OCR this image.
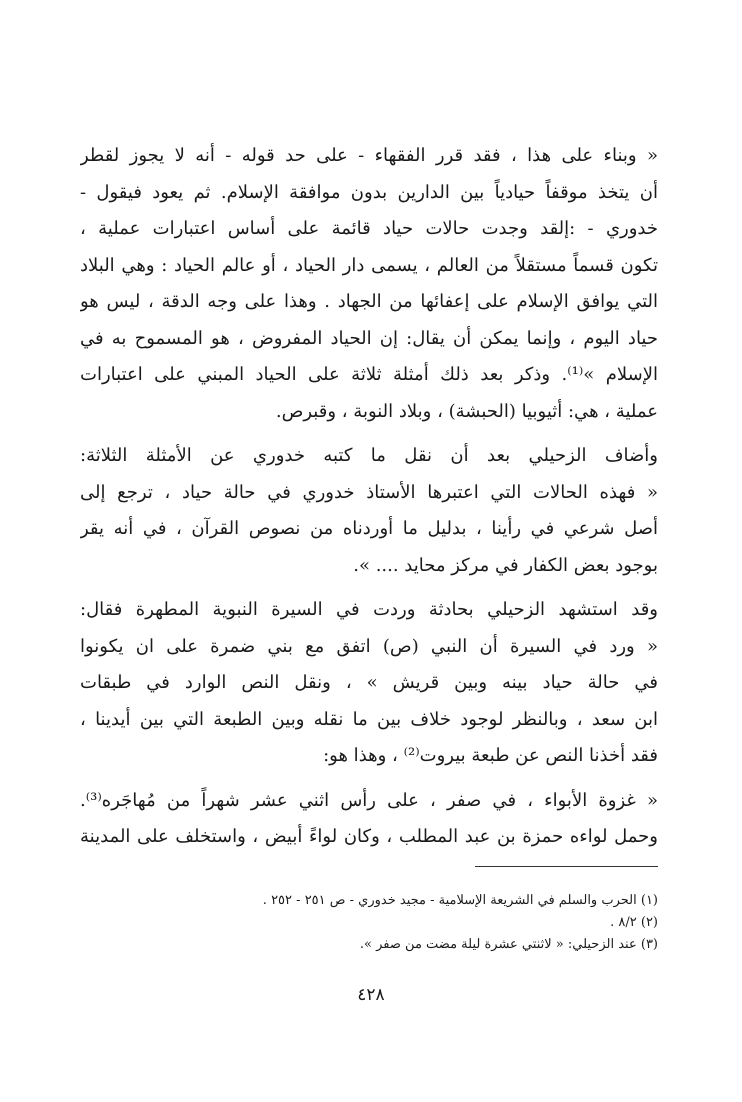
« وبناء على هذا ، فقد قرر الفقهاء - على حد قوله - أنه لا يجوز لقطر
أن يتخذ موقفاً حيادياً بين الدارين بدون موافقة الإسلام. ثم يعود فيقول -
خدوري - :إلقد وجدت حالات حياد قائمة على أساس اعتبارات عملية ،
تكون قسماً مستقلاً من العالم ، يسمى دار الحياد ، أو عالم الحياد : وهي البلاد
التي يوافق الإسلام على إعفائها من الجهاد . وهذا على وجه الدقة ، ليس هو
حياد اليوم ، وإنما يمكن أن يقال: إن الحياد المفروض ، هو المسموح به في
الإسلام »⁽¹⁾. وذكر بعد ذلك أمثلة ثلاثة على الحياد المبني على اعتبارات
عملية ، هي: أثيوبيا (الحبشة) ، وبلاد النوبة ، وقبرص.
وأضاف الزحيلي بعد أن نقل ما كتبه خدوري عن الأمثلة الثلاثة:
« فهذه الحالات التي اعتبرها الأستاذ خدوري في حالة حياد ، ترجع إلى
أصل شرعي في رأينا ، بدليل ما أوردناه من نصوص القرآن ، في أنه يقر
بوجود بعض الكفار في مركز محايد .... ».
وقد استشهد الزحيلي بحادثة وردت في السيرة النبوية المطهرة فقال:
« ورد في السيرة أن النبي (ص) اتفق مع بني ضمرة على ان يكونوا
في حالة حياد بينه وبين قريش » ، ونقل النص الوارد في طبقات
ابن سعد ، وبالنظر لوجود خلاف بين ما نقله وبين الطبعة التي بين أيدينا ،
فقد أخذنا النص عن طبعة بيروت⁽²⁾ ، وهذا هو:
« غزوة الأبواء ، في صفر ، على رأس اثني عشر شهراً من مُهاجَره⁽³⁾.
وحمل لواءه حمزة بن عبد المطلب ، وكان لواءً أبيض ، واستخلف على المدينة
(١) الحرب والسلم في الشريعة الإسلامية - مجيد خدوري - ص ٢٥١ - ٢٥٢ .
(٢) ٨/٢ .
(٣) عند الزحيلي: « لاثنتي عشرة ليلة مضت من صفر ».
٤٢٨
